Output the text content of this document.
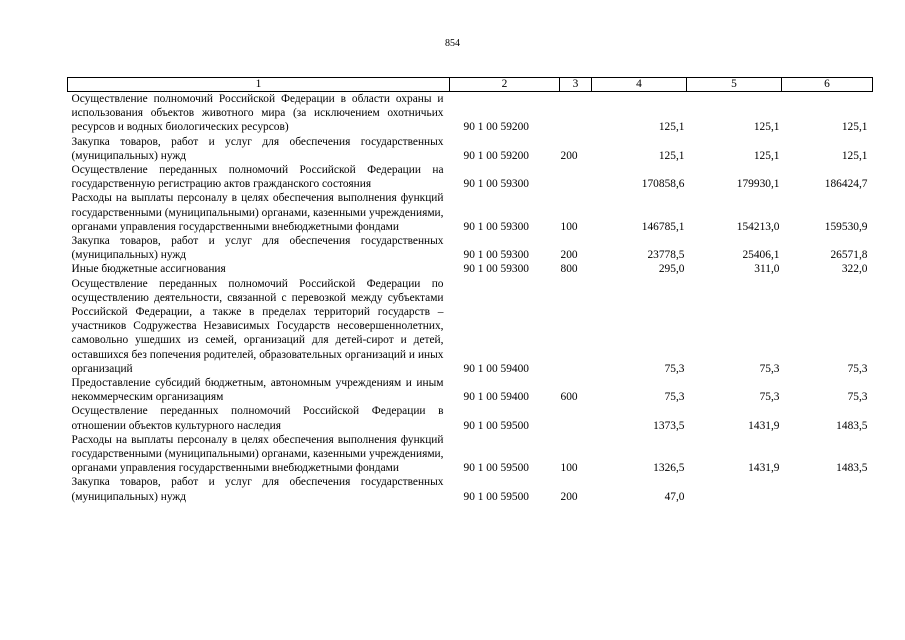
854
1	2	3	4	5	6
Осуществление полномочий Российской Федерации в области охраны и использования объектов животного мира (за исключением охотничьих ресурсов и водных биологических ресурсов)	90 1 00 59200		125,1	125,1	125,1
Закупка товаров, работ и услуг для обеспечения государственных (муниципальных) нужд	90 1 00 59200	200	125,1	125,1	125,1
Осуществление переданных полномочий Российской Федерации на государственную регистрацию актов гражданского состояния	90 1 00 59300		170858,6	179930,1	186424,7
Расходы на выплаты персоналу в целях обеспечения выполнения функций государственными (муниципальными) органами, казенными учреждениями, органами управления государственными внебюджетными фондами	90 1 00 59300	100	146785,1	154213,0	159530,9
Закупка товаров, работ и услуг для обеспечения государственных (муниципальных) нужд	90 1 00 59300	200	23778,5	25406,1	26571,8
Иные бюджетные ассигнования	90 1 00 59300	800	295,0	311,0	322,0
Осуществление переданных полномочий Российской Федерации по осуществлению деятельности, связанной с перевозкой между субъектами Российской Федерации, а также в пределах территорий государств – участников Содружества Независимых Государств несовершеннолетних, самовольно ушедших из семей, организаций для детей-сирот и детей, оставшихся без попечения родителей, образовательных организаций и иных организаций	90 1 00 59400		75,3	75,3	75,3
Предоставление субсидий бюджетным, автономным учреждениям и иным некоммерческим организациям	90 1 00 59400	600	75,3	75,3	75,3
Осуществление переданных полномочий Российской Федерации в отношении объектов культурного наследия	90 1 00 59500		1373,5	1431,9	1483,5
Расходы на выплаты персоналу в целях обеспечения выполнения функций государственными (муниципальными) органами, казенными учреждениями, органами управления государственными внебюджетными фондами	90 1 00 59500	100	1326,5	1431,9	1483,5
Закупка товаров, работ и услуг для обеспечения государственных (муниципальных) нужд	90 1 00 59500	200	47,0		
